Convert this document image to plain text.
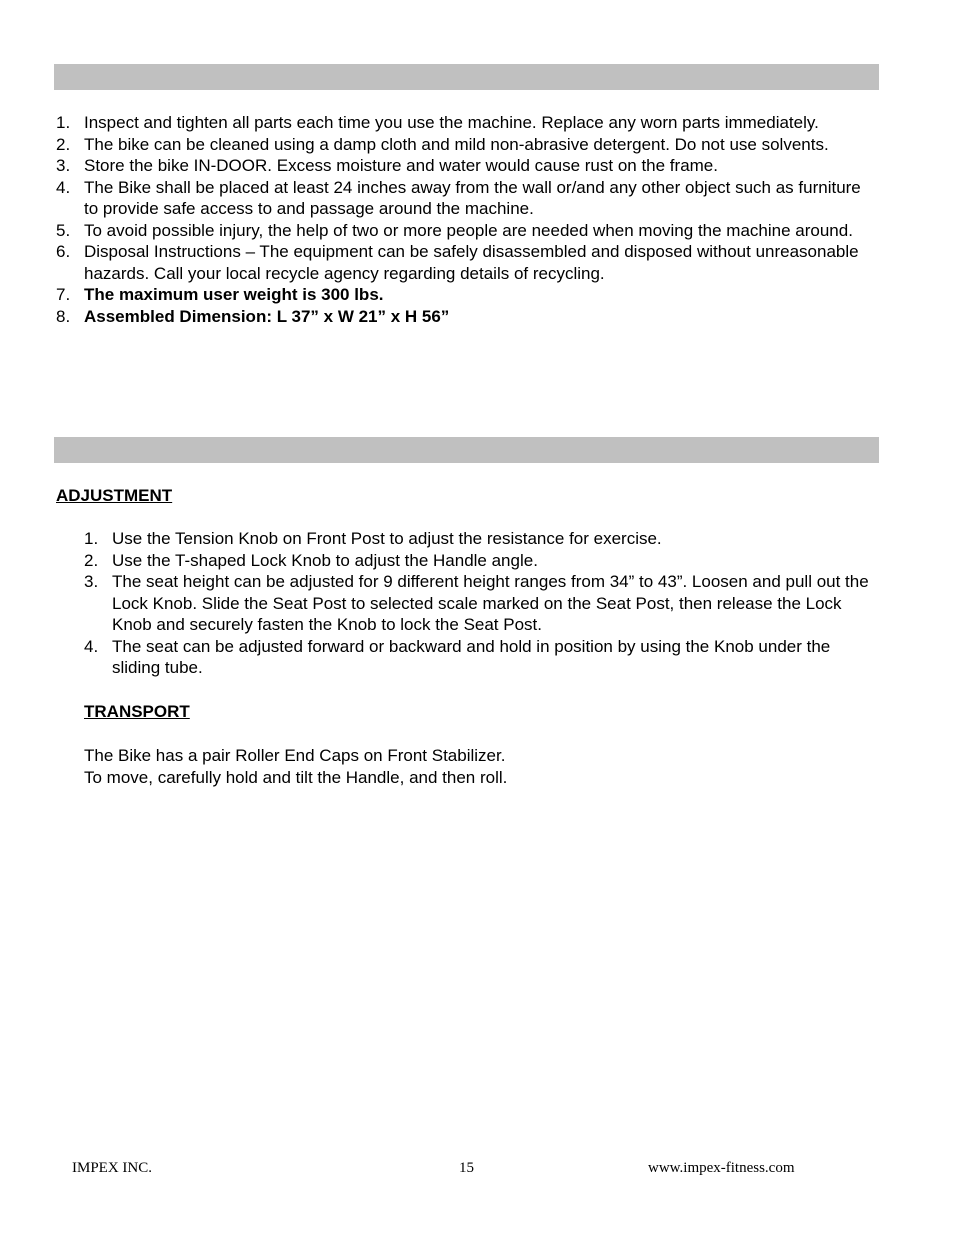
1. Inspect and tighten all parts each time you use the machine. Replace any worn parts immediately.
2. The bike can be cleaned using a damp cloth and mild non-abrasive detergent. Do not use solvents.
3. Store the bike IN-DOOR. Excess moisture and water would cause rust on the frame.
4. The Bike shall be placed at least 24 inches away from the wall or/and any other object such as furniture to provide safe access to and passage around the machine.
5. To avoid possible injury, the help of two or more people are needed when moving the machine around.
6. Disposal Instructions – The equipment can be safely disassembled and disposed without unreasonable hazards. Call your local recycle agency regarding details of recycling.
7. The maximum user weight is 300 lbs.
8. Assembled Dimension: L 37” x W 21” x H 56”
ADJUSTMENT
1. Use the Tension Knob on Front Post to adjust the resistance for exercise.
2. Use the T-shaped Lock Knob to adjust the Handle angle.
3. The seat height can be adjusted for 9 different height ranges from 34” to 43”. Loosen and pull out the Lock Knob. Slide the Seat Post to selected scale marked on the Seat Post, then release the Lock Knob and securely fasten the Knob to lock the Seat Post.
4. The seat can be adjusted forward or backward and hold in position by using the Knob under the sliding tube.
TRANSPORT

The Bike has a pair Roller End Caps on Front Stabilizer.

To move, carefully hold and tilt the Handle, and then roll.

IMPEX INC.	15	www.impex-fitness.com
